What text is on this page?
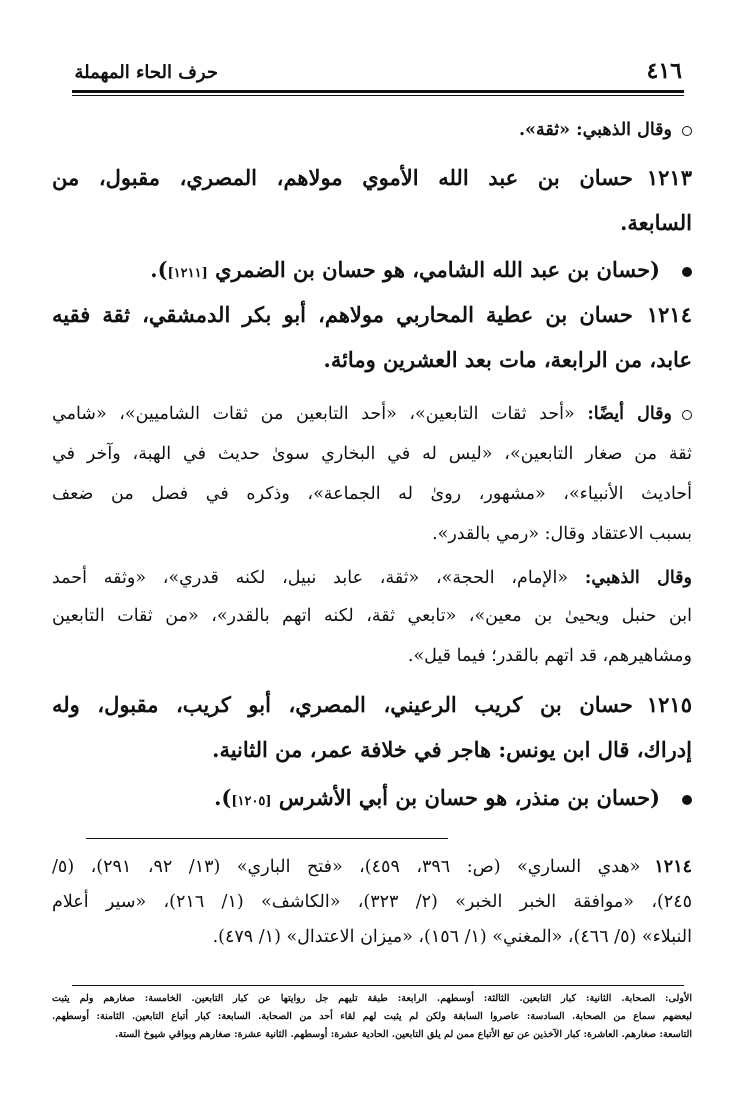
حرف الحاء المهملة	٤١٦
وقال الذهبي: «ثقة».
١٢١٣حسان بن عبد الله الأموي مولاهم، المصري، مقبول، من
السابعة.
(حسان بن عبد الله الشامي، هو حسان بن الضمري [١٢١١]).
١٢١٤حسان بن عطية المحاربي مولاهم، أبو بكر الدمشقي، ثقة فقيه
عابد، من الرابعة، مات بعد العشرين ومائة.
وقال أيضًا: «أحد ثقات التابعين»، «أحد التابعين من ثقات الشاميين»، «شامي
ثقة من صغار التابعين»، «ليس له في البخاري سوىٰ حديث في الهبة، وآخر في
أحاديث الأنبياء»، «مشهور، روىٰ له الجماعة»، وذكره في فصل من ضعف
بسبب الاعتقاد وقال: «رمي بالقدر».
وقال الذهبي: «الإمام، الحجة»، «ثقة، عابد نبيل، لكنه قدري»، «وثقه أحمد
ابن حنبل ويحيىٰ بن معين»، «تابعي ثقة، لكنه اتهم بالقدر»، «من ثقات التابعين
ومشاهيرهم، قد اتهم بالقدر؛ فيما قيل».
١٢١٥حسان بن كريب الرعيني، المصري، أبو كريب، مقبول، وله
إدراك، قال ابن يونس: هاجر في خلافة عمر، من الثانية.
(حسان بن منذر، هو حسان بن أبي الأشرس [١٢٠٥]).
١٢١٤«هدي الساري» (ص: ٣٩٦، ٤٥٩)، «فتح الباري» (١٣/ ٩٢، ٢٩١)، (٥/
٢٤٥)، «موافقة الخبر الخبر» (٢/ ٣٢٣)، «الكاشف» (١/ ٢١٦)، «سير أعلام
النبلاء» (٥/ ٤٦٦)، «المغني» (١/ ١٥٦)، «ميزان الاعتدال» (١/ ٤٧٩).
الأولى: الصحابة. الثانية: كبار التابعين. الثالثة: أوسطهم. الرابعة: طبقة تليهم جل روايتها عن كبار التابعين. الخامسة: صغارهم ولم يثبت
لبعضهم سماع من الصحابة. السادسة: عاصروا السابقة ولكن لم يثبت لهم لقاء أحد من الصحابة. السابعة: كبار أتباع التابعين. الثامنة: أوسطهم.
التاسعة: صغارهم. العاشرة: كبار الآخذين عن تبع الأتباع ممن لم يلق التابعين. الحادية عشرة: أوسطهم. الثانية عشرة: صغارهم وبواقي شيوخ الستة.
